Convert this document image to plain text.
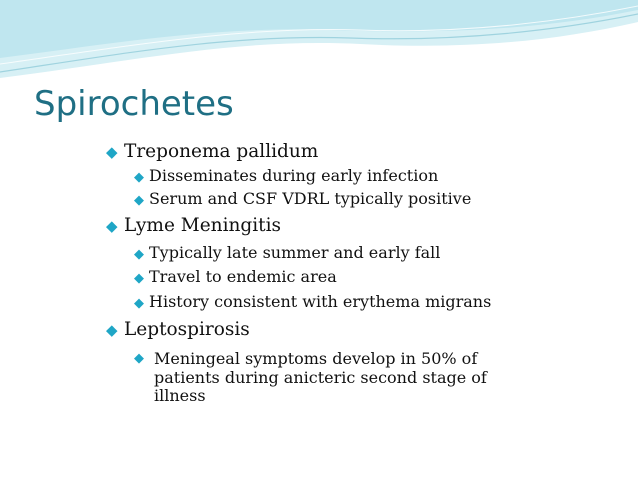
Spirochetes
◆ Treponema pallidum
◆ Disseminates during early infection
◆ Serum and CSF VDRL typically positive
◆ Lyme Meningitis
◆ Typically late summer and early fall
◆ Travel to endemic area
◆ History consistent with erythema migrans
◆ Leptospirosis
◆ Meningeal symptoms develop in 50% of
patients during anicteric second stage of
illness
